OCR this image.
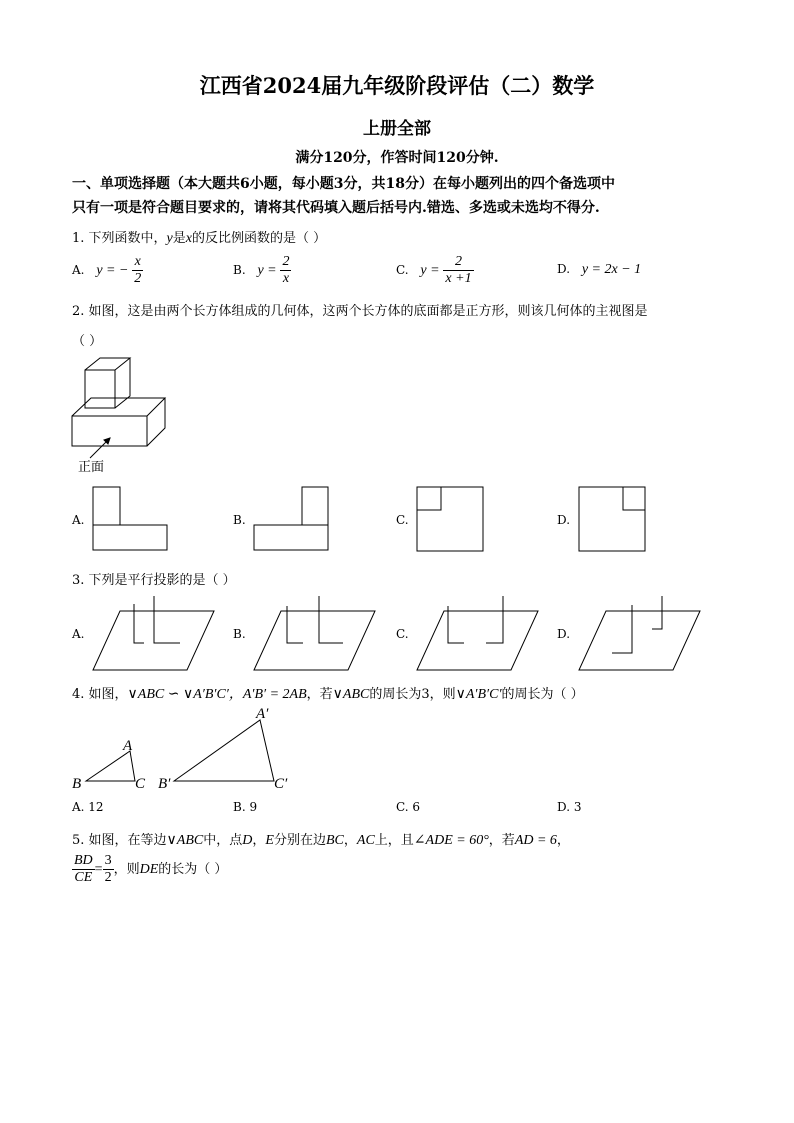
江西省2024届九年级阶段评估（二）数学
上册全部
满分120分，作答时间120分钟.
一、单项选择题（本大题共6小题，每小题3分，共18分）在每小题列出的四个备选项中
只有一项是符合题目要求的，请将其代码填入题后括号内.错选、多选或未选均不得分.
1. 下列函数中，y是x的反比例函数的是（ ）
A. y = − $\frac{x}{2}$	B. $y = \frac{2}{x}$	C. $y = \frac{2}{x +1}$	D. y = 2x − 1
2. 如图，这是由两个长方体组成的几何体，这两个长方体的底面都是正方形，则该几何体的主视图是
（ ）
正面
A.	B.	C.	D.
3. 下列是平行投影的是（ ）
A.	B.	C.	D.
4. 如图，∨ABC ∽ ∨A′B′C′，A′B′ = 2AB，若∨ABC的周长为3，则∨A′B′C′的周长为（ ）
A
B	C
A′
B′	C′
A. 12	B. 9	C. 6	D. 3
5. 如图，在等边∨ABC中，点D，E分别在边BC，AC上，且∠ADE = 60°，若AD = 6，
$\frac{BD}{CE} = \frac{3}{2}$ ，则DE的长为（ ）
